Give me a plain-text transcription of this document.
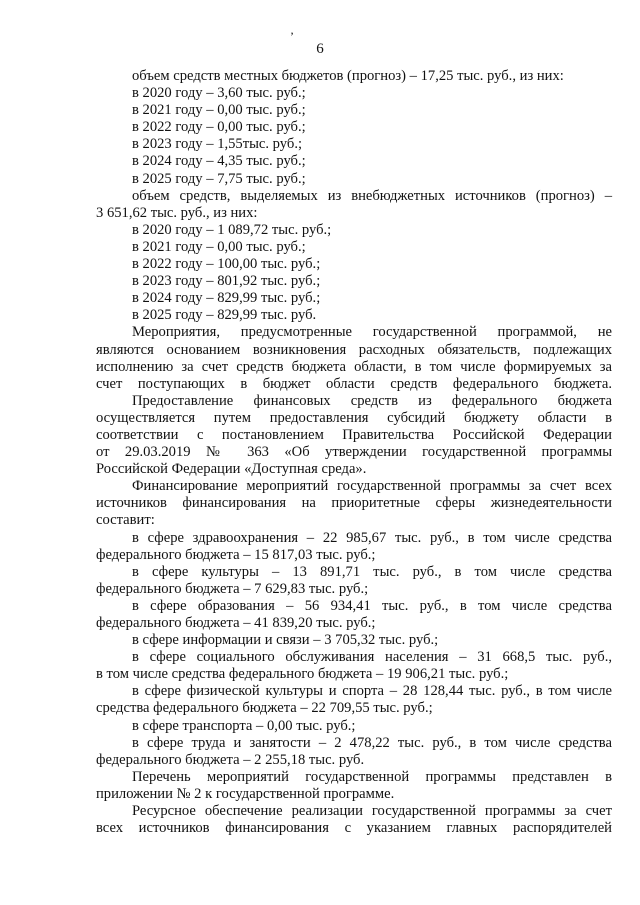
’
6
объем средств местных бюджетов (прогноз) – 17,25 тыс. руб., из них:
в 2020 году – 3,60 тыс. руб.;
в 2021 году – 0,00 тыс. руб.;
в 2022 году – 0,00 тыс. руб.;
в 2023 году – 1,55тыс. руб.;
в 2024 году – 4,35 тыс. руб.;
в 2025 году – 7,75 тыс. руб.;
объем средств, выделяемых из внебюджетных источников (прогноз) –
3 651,62 тыс. руб., из них:
в 2020 году – 1 089,72 тыс. руб.;
в 2021 году – 0,00 тыс. руб.;
в 2022 году – 100,00 тыс. руб.;
в 2023 году – 801,92 тыс. руб.;
в 2024 году – 829,99 тыс. руб.;
в 2025 году – 829,99 тыс. руб.
Мероприятия, предусмотренные государственной программой, не
являются основанием возникновения расходных обязательств, подлежащих
исполнению за счет средств бюджета области, в том числе формируемых за
счет поступающих в бюджет области средств федерального бюджета.
Предоставление финансовых средств из федерального бюджета
осуществляется путем предоставления субсидий бюджету области в
соответствии с постановлением Правительства Российской Федерации
от 29.03.2019 № 363 «Об утверждении государственной программы
Российской Федерации «Доступная среда».
Финансирование мероприятий государственной программы за счет всех
источников финансирования на приоритетные сферы жизнедеятельности
составит:
в сфере здравоохранения – 22 985,67 тыс. руб., в том числе средства
федерального бюджета – 15 817,03 тыс. руб.;
в сфере культуры – 13 891,71 тыс. руб., в том числе средства
федерального бюджета – 7 629,83 тыс. руб.;
в сфере образования – 56 934,41 тыс. руб., в том числе средства
федерального бюджета – 41 839,20 тыс. руб.;
в сфере информации и связи – 3 705,32 тыс. руб.;
в сфере социального обслуживания населения – 31 668,5 тыс. руб.,
в том числе средства федерального бюджета – 19 906,21 тыс. руб.;
в сфере физической культуры и спорта – 28 128,44 тыс. руб., в том числе
средства федерального бюджета – 22 709,55 тыс. руб.;
в сфере транспорта – 0,00 тыс. руб.;
в сфере труда и занятости – 2 478,22 тыс. руб., в том числе средства
федерального бюджета – 2 255,18 тыс. руб.
Перечень мероприятий государственной программы представлен в
приложении № 2 к государственной программе.
Ресурсное обеспечение реализации государственной программы за счет
всех источников финансирования с указанием главных распорядителей
